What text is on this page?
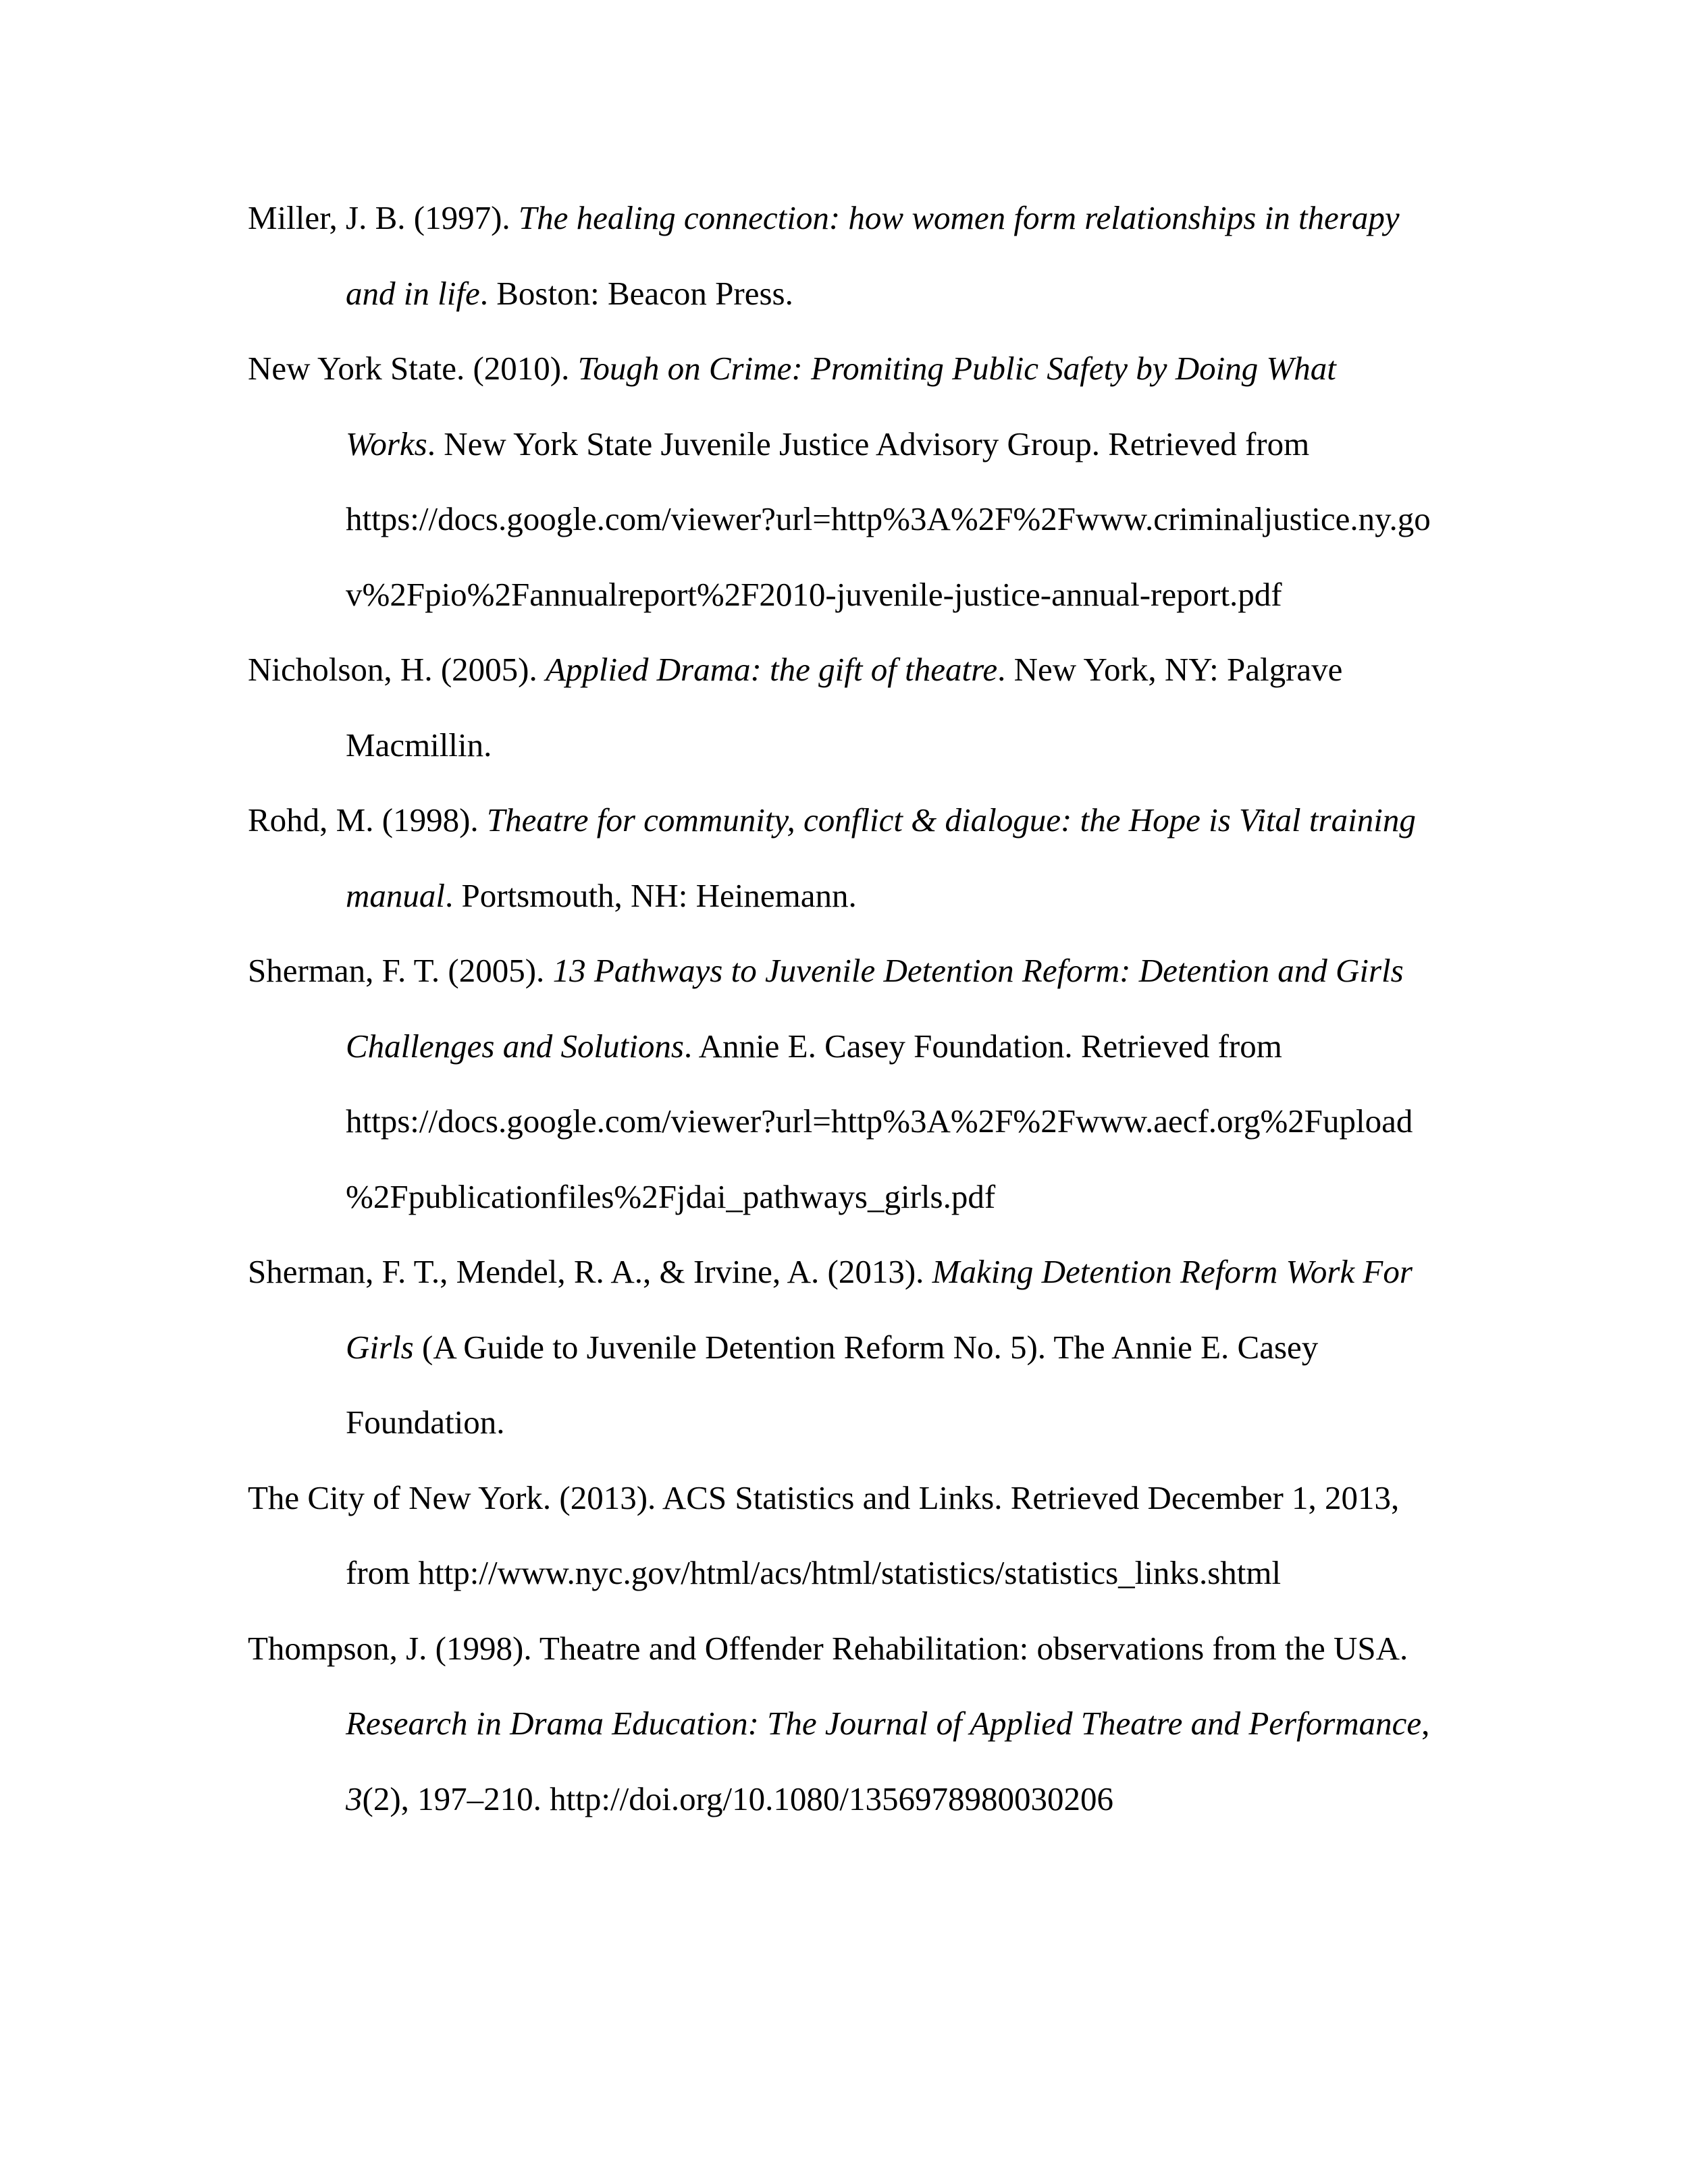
Miller, J. B. (1997). The healing connection: how women form relationships in therapy
and in life. Boston: Beacon Press.
New York State. (2010). Tough on Crime: Promiting Public Safety by Doing What
Works. New York State Juvenile Justice Advisory Group. Retrieved from
https://docs.google.com/viewer?url=http%3A%2F%2Fwww.criminaljustice.ny.go
v%2Fpio%2Fannualreport%2F2010-juvenile-justice-annual-report.pdf
Nicholson, H. (2005). Applied Drama: the gift of theatre. New York, NY: Palgrave
Macmillin.
Rohd, M. (1998). Theatre for community, conflict & dialogue: the Hope is Vital training
manual. Portsmouth, NH: Heinemann.
Sherman, F. T. (2005). 13 Pathways to Juvenile Detention Reform: Detention and Girls
Challenges and Solutions. Annie E. Casey Foundation. Retrieved from
https://docs.google.com/viewer?url=http%3A%2F%2Fwww.aecf.org%2Fupload
%2Fpublicationfiles%2Fjdai_pathways_girls.pdf
Sherman, F. T., Mendel, R. A., & Irvine, A. (2013). Making Detention Reform Work For
Girls (A Guide to Juvenile Detention Reform No. 5). The Annie E. Casey
Foundation.
The City of New York. (2013). ACS Statistics and Links. Retrieved December 1, 2013,
from http://www.nyc.gov/html/acs/html/statistics/statistics_links.shtml
Thompson, J. (1998). Theatre and Offender Rehabilitation: observations from the USA.
Research in Drama Education: The Journal of Applied Theatre and Performance,
3(2), 197–210. http://doi.org/10.1080/1356978980030206
